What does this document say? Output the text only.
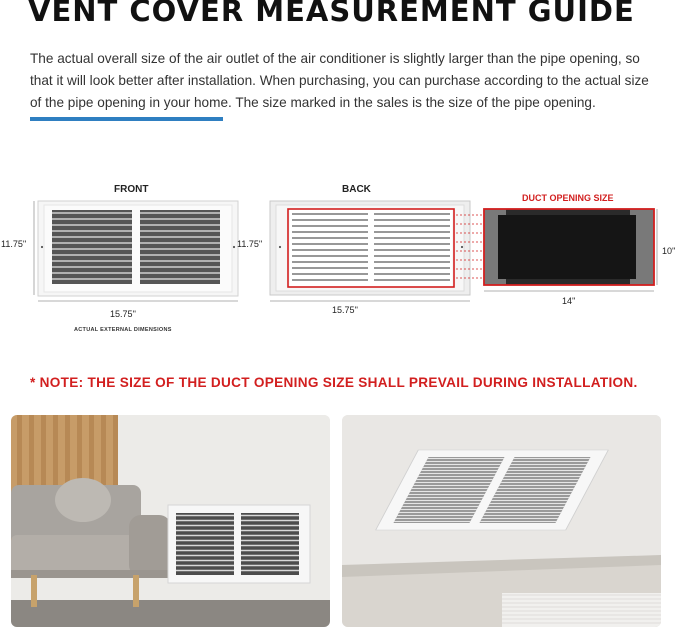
VENT COVER MEASUREMENT GUIDE

The actual overall size of the air outlet of the air conditioner is slightly larger than the pipe opening, so that it will look better after installation. When purchasing, you can purchase according to the actual size of the pipe opening in your home. The size marked in the sales is the size of the pipe opening.

FRONT
11.75''
15.75''
ACTUAL EXTERNAL DIMENSIONS
BACK
11.75''
15.75''
DUCT OPENING SIZE
10''
14''
* NOTE: THE SIZE OF THE DUCT OPENING SIZE SHALL PREVAIL DURING INSTALLATION.
